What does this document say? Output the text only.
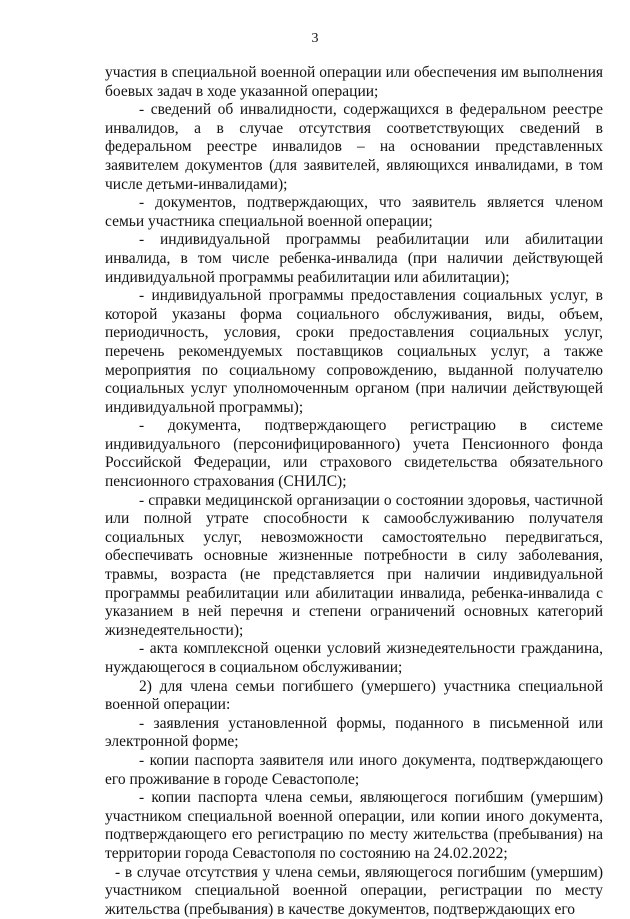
3

участия в специальной военной операции или обеспечения им выполнения боевых задач в ходе указанной операции;

- сведений об инвалидности, содержащихся в федеральном реестре инвалидов, а в случае отсутствия соответствующих сведений в федеральном реестре инвалидов – на основании представленных заявителем документов (для заявителей, являющихся инвалидами, в том числе детьми-инвалидами);

- документов, подтверждающих, что заявитель является членом семьи участника специальной военной операции;

- индивидуальной программы реабилитации или абилитации инвалида, в том числе ребенка-инвалида (при наличии действующей индивидуальной программы реабилитации или абилитации);

- индивидуальной программы предоставления социальных услуг, в которой указаны форма социального обслуживания, виды, объем, периодичность, условия, сроки предоставления социальных услуг, перечень рекомендуемых поставщиков социальных услуг, а также мероприятия по социальному сопровождению, выданной получателю социальных услуг уполномоченным органом (при наличии действующей индивидуальной программы);

- документа, подтверждающего регистрацию в системе индивидуального (персонифицированного) учета Пенсионного фонда Российской Федерации, или страхового свидетельства обязательного пенсионного страхования (СНИЛС);

- справки медицинской организации о состоянии здоровья, частичной или полной утрате способности к самообслуживанию получателя социальных услуг, невозможности самостоятельно передвигаться, обеспечивать основные жизненные потребности в силу заболевания, травмы, возраста (не представляется при наличии индивидуальной программы реабилитации или абилитации инвалида, ребенка-инвалида с указанием в ней перечня и степени ограничений основных категорий жизнедеятельности);

- акта комплексной оценки условий жизнедеятельности гражданина, нуждающегося в социальном обслуживании;

2) для члена семьи погибшего (умершего) участника специальной военной операции:

- заявления установленной формы, поданного в письменной или электронной форме;

- копии паспорта заявителя или иного документа, подтверждающего его проживание в городе Севастополе;

- копии паспорта члена семьи, являющегося погибшим (умершим) участником специальной военной операции, или копии иного документа, подтверждающего его регистрацию по месту жительства (пребывания) на территории города Севастополя по состоянию на 24.02.2022;

- в случае отсутствия у члена семьи, являющегося погибшим (умершим) участником специальной военной операции, регистрации по месту жительства (пребывания) в качестве документов, подтверждающих его
